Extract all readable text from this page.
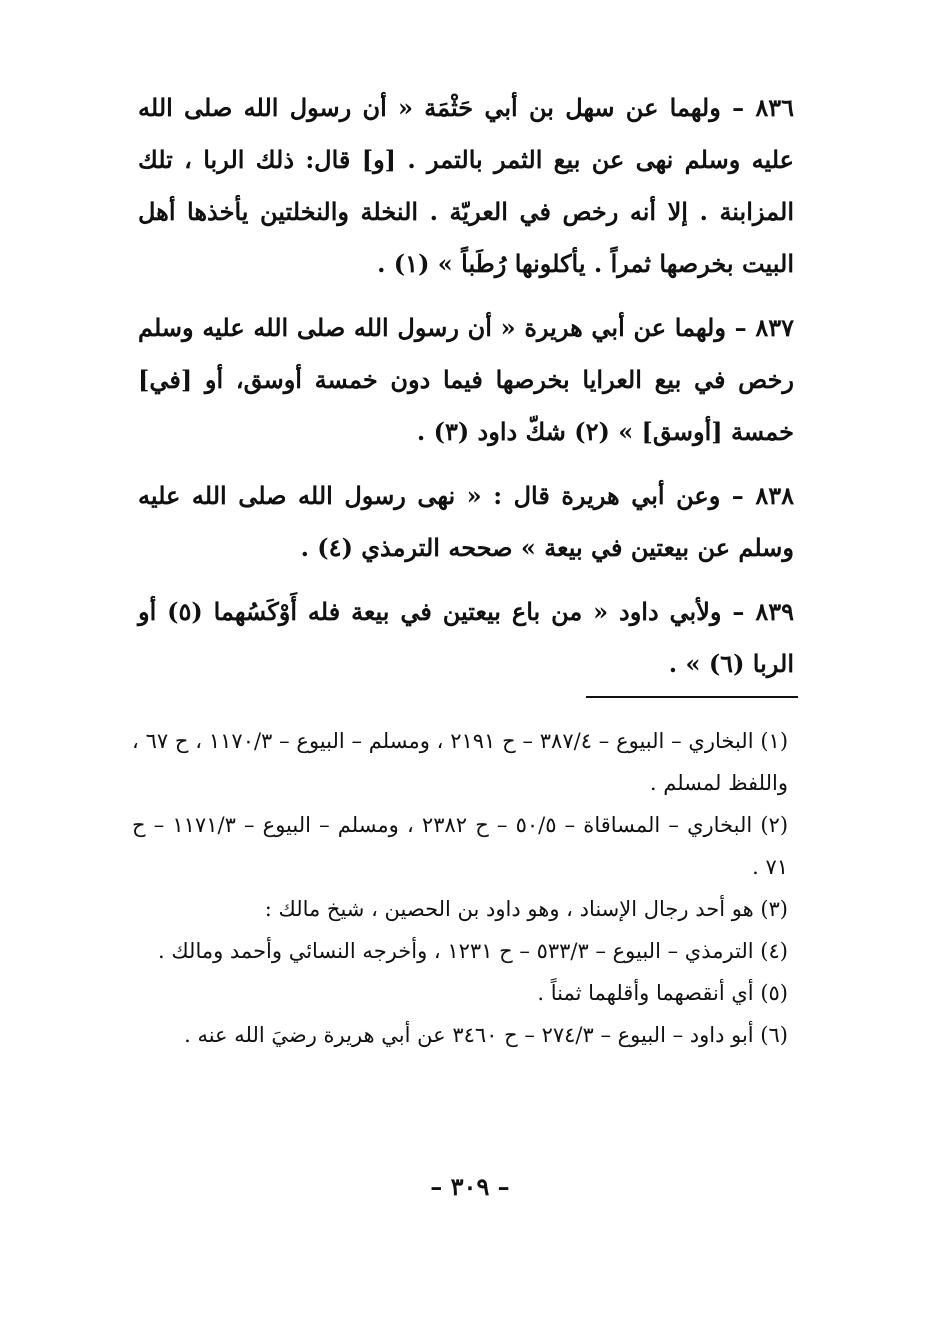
٨٣٦ – ولهما عن سهل بن أبي حَثْمَة « أن رسول الله صلى الله عليه وسلم نهى عن بيع الثمر بالتمر . [و] قال: ذلك الربا ، تلك المزابنة . إلا أنه رخص في العريّة . النخلة والنخلتين يأخذها أهل البيت بخرصها ثمراً . يأكلونها رُطَباً » (١) .

٨٣٧ – ولهما عن أبي هريرة « أن رسول الله صلى الله عليه وسلم رخص في بيع العرايا بخرصها فيما دون خمسة أوسق، أو [في] خمسة [أوسق] » (٢) شكّ داود (٣) .

٨٣٨ – وعن أبي هريرة قال : « نهى رسول الله صلى الله عليه وسلم عن بيعتين في بيعة » صححه الترمذي (٤) .

٨٣٩ – ولأبي داود « من باع بيعتين في بيعة فله أَوْكَسُهما (٥) أو الربا (٦) » .

(١) البخاري – البيوع – ٣٨٧/٤ – ح ٢١٩١ ، ومسلم – البيوع – ١١٧٠/٣ ، ح ٦٧ ، واللفظ لمسلم .

(٢) البخاري – المساقاة – ٥٠/٥ – ح ٢٣٨٢ ، ومسلم – البيوع – ١١٧١/٣ – ح ٧١ .

(٣) هو أحد رجال الإسناد ، وهو داود بن الحصين ، شيخ مالك :

(٤) الترمذي – البيوع – ٥٣٣/٣ – ح ١٢٣١ ، وأخرجه النسائي وأحمد ومالك .

(٥) أي أنقصهما وأقلهما ثمناً .

(٦) أبو داود – البيوع – ٢٧٤/٣ – ح ٣٤٦٠ عن أبي هريرة رضيَ الله عنه .

– ٣٠٩ –
